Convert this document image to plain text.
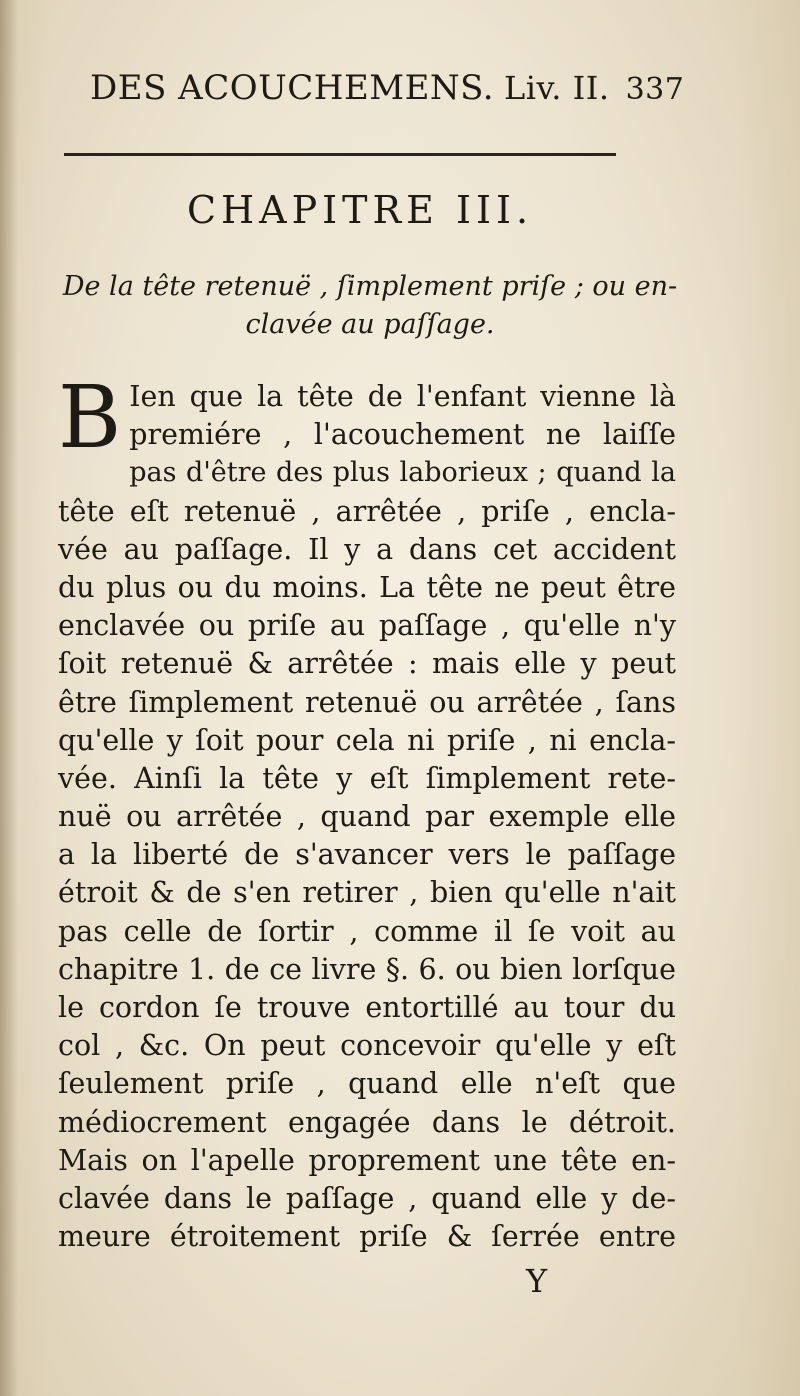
DES ACOUCHEMENS. Liv. II. 337
CHAPITRE III.
De la tête retenuë , ſimplement priſe ; ou en-
clavée au paſſage.
B Ien que la tête de l'enfant vienne là
premiére , l'acouchement ne laiſſe
pas d'être des plus laborieux ; quand la
tête eſt retenuë , arrêtée , priſe , encla-
vée au paſſage. Il y a dans cet accident
du plus ou du moins. La tête ne peut être
enclavée ou priſe au paſſage , qu'elle n'y
ſoit retenuë & arrêtée : mais elle y peut
être ſimplement retenuë ou arrêtée , ſans
qu'elle y ſoit pour cela ni priſe , ni encla-
vée. Ainſi la tête y eſt ſimplement rete-
nuë ou arrêtée , quand par exemple elle
a la liberté de s'avancer vers le paſſage
étroit & de s'en retirer , bien qu'elle n'ait
pas celle de ſortir , comme il ſe voit au
chapitre 1. de ce livre §. 6. ou bien lorſque
le cordon ſe trouve entortillé au tour du
col , &c. On peut concevoir qu'elle y eſt
ſeulement priſe , quand elle n'eſt que
médiocrement engagée dans le détroit.
Mais on l'apelle proprement une tête en-
clavée dans le paſſage , quand elle y de-
meure étroitement priſe & ſerrée entre
Y
